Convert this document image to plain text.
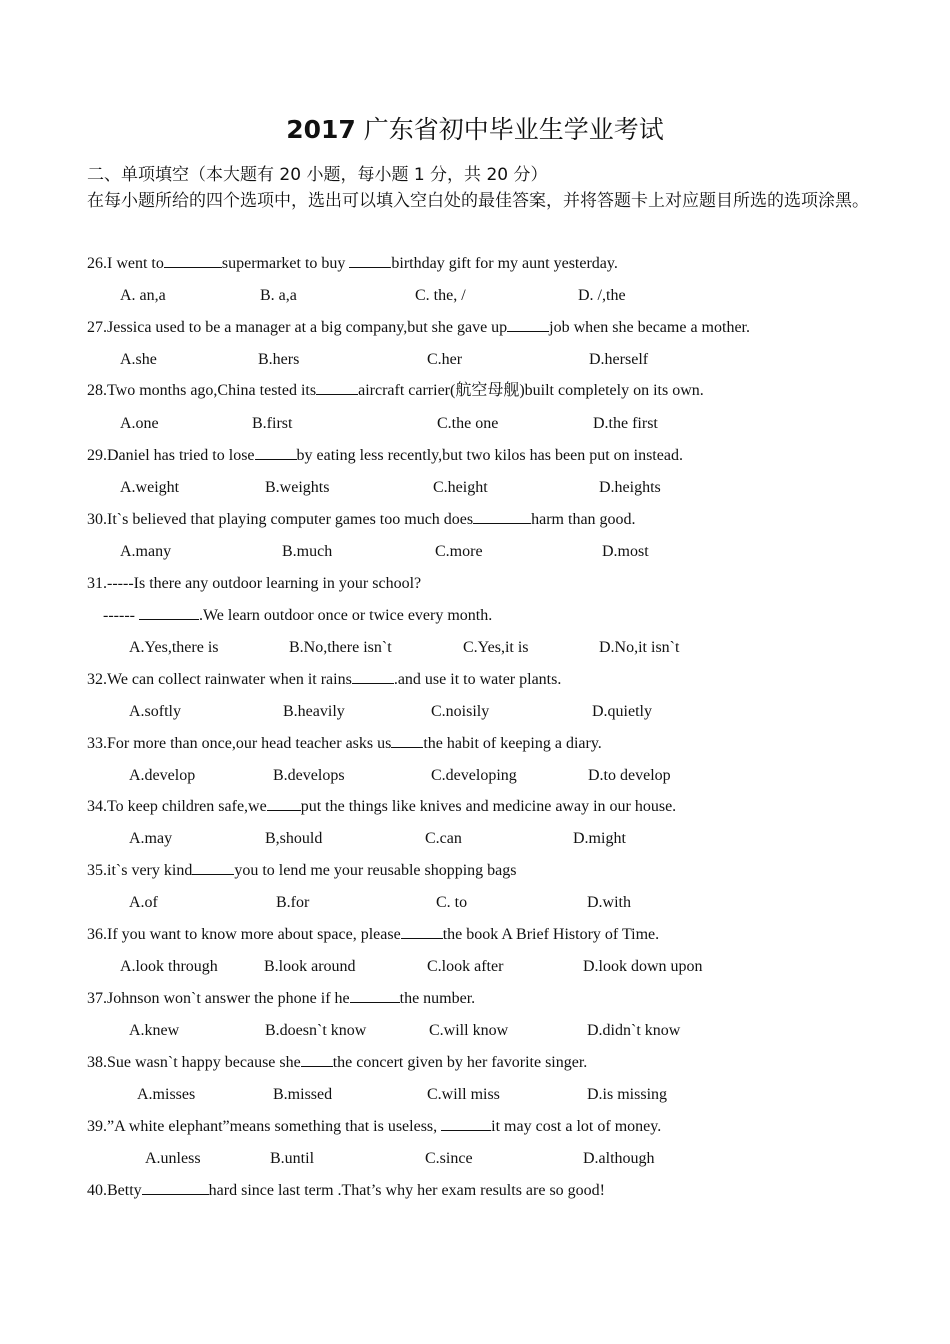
2017 广东省初中毕业生学业考试
二、单项填空（本大题有 20 小题，每小题 1 分，共 20 分）
在每小题所给的四个选项中，选出可以填入空白处的最佳答案，并将答题卡上对应题目所选的选项涂黑。
26.I went to	supermarket to buy	birthday gift for my aunt yesterday.
A. an,a	B. a,a	C. the, /	D. /,the
27.Jessica used to be a manager at a big company,but she gave up	job when she became a mother.
A.she	B.hers	C.her	D.herself
28.Two months ago,China tested its	aircraft carrier(航空母舰)built completely on its own.
A.one	B.first	C.the one	D.the first
29.Daniel has tried to lose	by eating less recently,but two kilos has been put on instead.
A.weight	B.weights	C.height	D.heights
30.It`s believed that playing computer games too much does	harm than good.
A.many	B.much	C.more	D.most
31.-----Is there any outdoor learning in your school?
------	.We learn outdoor once or twice every month.
A.Yes,there is	B.No,there isn`t	C.Yes,it is	D.No,it isn`t
32.We can collect rainwater when it rains	.and use it to water plants.
A.softly	B.heavily	C.noisily	D.quietly
33.For more than once,our head teacher asks us the habit of keeping a diary.
A.develop	B.develops	C.developing	D.to develop
34.To keep children safe,we put the things like knives and medicine away in our house.
A.may	B,should	C.can	D.might
35.it`s very kind	you to lend me your reusable shopping bags
A.of	B.for	C. to	D.with
36.If you want to know more about space, please	the book A Brief History of Time.
A.look through	B.look around	C.look after	D.look down upon
37.Johnson won`t answer the phone if he	the number.
A.knew	B.doesn`t know	C.will know	D.didn`t know
38.Sue wasn`t happy because she the concert given by her favorite singer.
A.misses	B.missed	C.will miss	D.is missing
39.”A white elephant”means something that is useless,	it may cost a lot of money.
A.unless	B.until	C.since	D.although
40.Betty	hard since last term .That’s why her exam results are so good!
